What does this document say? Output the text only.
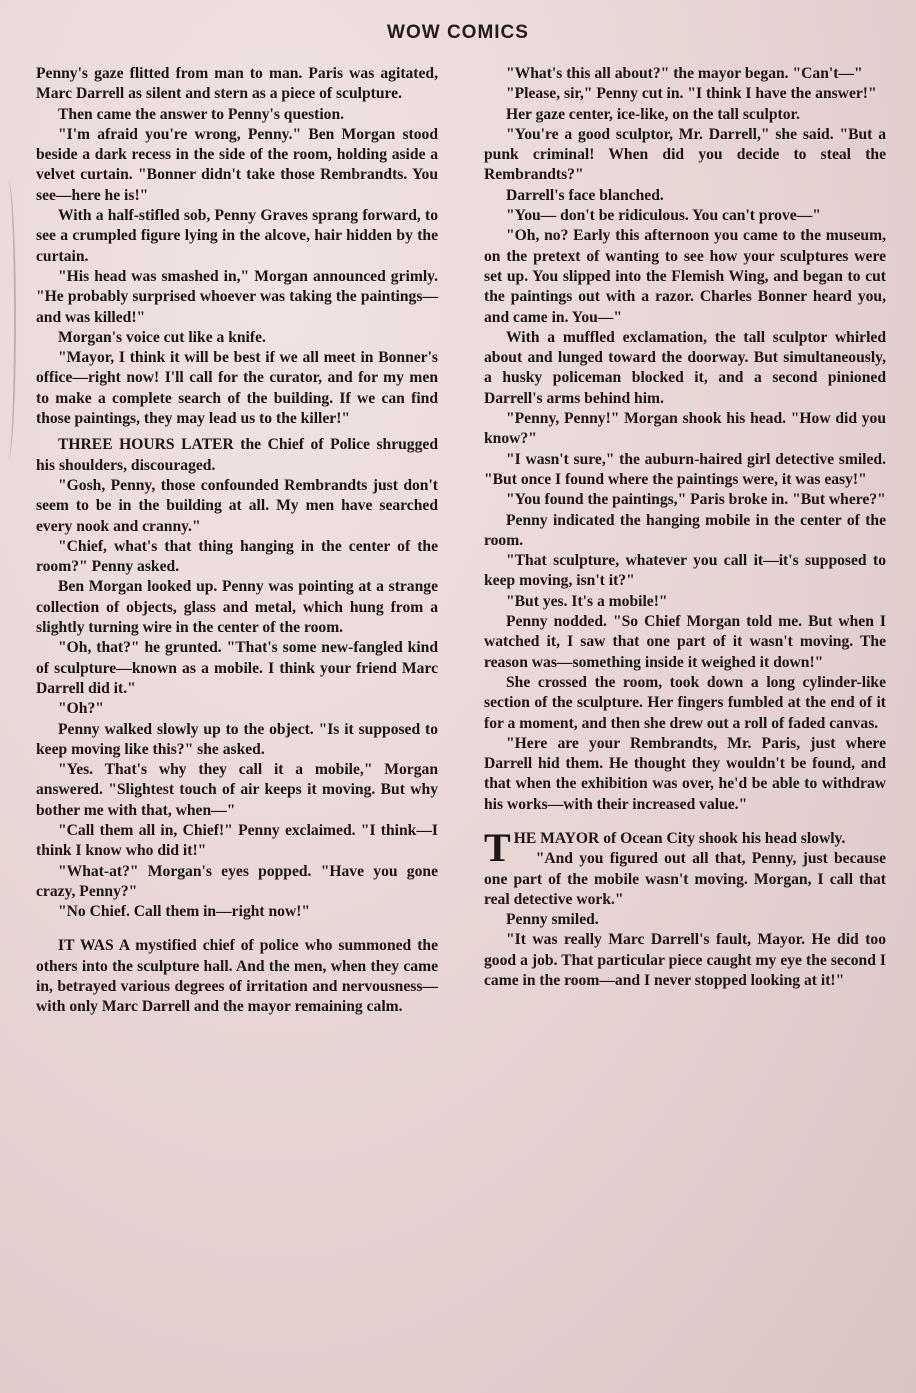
WOW COMICS

Penny's gaze flitted from man to man. Paris was agitated, Marc Darrell as silent and stern as a piece of sculpture.

Then came the answer to Penny's question.

"I'm afraid you're wrong, Penny." Ben Morgan stood beside a dark recess in the side of the room, holding aside a velvet curtain. "Bonner didn't take those Rembrandts. You see—here he is!"

With a half-stifled sob, Penny Graves sprang forward, to see a crumpled figure lying in the alcove, hair hidden by the curtain.

"His head was smashed in," Morgan announced grimly. "He probably surprised whoever was taking the paintings—and was killed!"

Morgan's voice cut like a knife.

"Mayor, I think it will be best if we all meet in Bonner's office—right now! I'll call for the curator, and for my men to make a complete search of the building. If we can find those paintings, they may lead us to the killer!"

THREE HOURS LATER the Chief of Police shrugged his shoulders, discouraged.

"Gosh, Penny, those confounded Rembrandts just don't seem to be in the building at all. My men have searched every nook and cranny."

"Chief, what's that thing hanging in the center of the room?" Penny asked.

Ben Morgan looked up. Penny was pointing at a strange collection of objects, glass and metal, which hung from a slightly turning wire in the center of the room.

"Oh, that?" he grunted. "That's some new-fangled kind of sculpture—known as a mobile. I think your friend Marc Darrell did it."

"Oh?"

Penny walked slowly up to the object. "Is it supposed to keep moving like this?" she asked.

"Yes. That's why they call it a mobile," Morgan answered. "Slightest touch of air keeps it moving. But why bother me with that, when—"

"Call them all in, Chief!" Penny exclaimed. "I think—I think I know who did it!"

"What-at?" Morgan's eyes popped. "Have you gone crazy, Penny?"

"No Chief. Call them in—right now!"

IT WAS A mystified chief of police who summoned the others into the sculpture hall. And the men, when they came in, betrayed various degrees of irritation and nervousness—with only Marc Darrell and the mayor remaining calm.

"What's this all about?" the mayor began. "Can't—"

"Please, sir," Penny cut in. "I think I have the answer!"

Her gaze center, ice-like, on the tall sculptor.

"You're a good sculptor, Mr. Darrell," she said. "But a punk criminal! When did you decide to steal the Rembrandts?"

Darrell's face blanched.

"You— don't be ridiculous. You can't prove—"

"Oh, no? Early this afternoon you came to the museum, on the pretext of wanting to see how your sculptures were set up. You slipped into the Flemish Wing, and began to cut the paintings out with a razor. Charles Bonner heard you, and came in. You—"

With a muffled exclamation, the tall sculptor whirled about and lunged toward the doorway. But simultaneously, a husky policeman blocked it, and a second pinioned Darrell's arms behind him.

"Penny, Penny!" Morgan shook his head. "How did you know?"

"I wasn't sure," the auburn-haired girl detective smiled. "But once I found where the paintings were, it was easy!"

"You found the paintings," Paris broke in. "But where?"

Penny indicated the hanging mobile in the center of the room.

"That sculpture, whatever you call it—it's supposed to keep moving, isn't it?"

"But yes. It's a mobile!"

Penny nodded. "So Chief Morgan told me. But when I watched it, I saw that one part of it wasn't moving. The reason was—something inside it weighed it down!"

She crossed the room, took down a long cylinder-like section of the sculpture. Her fingers fumbled at the end of it for a moment, and then she drew out a roll of faded canvas.

"Here are your Rembrandts, Mr. Paris, just where Darrell hid them. He thought they wouldn't be found, and that when the exhibition was over, he'd be able to withdraw his works—with their increased value."

THE MAYOR of Ocean City shook his head slowly.

"And you figured out all that, Penny, just because one part of the mobile wasn't moving. Morgan, I call that real detective work."

Penny smiled.

"It was really Marc Darrell's fault, Mayor. He did too good a job. That particular piece caught my eye the second I came in the room—and I never stopped looking at it!"
